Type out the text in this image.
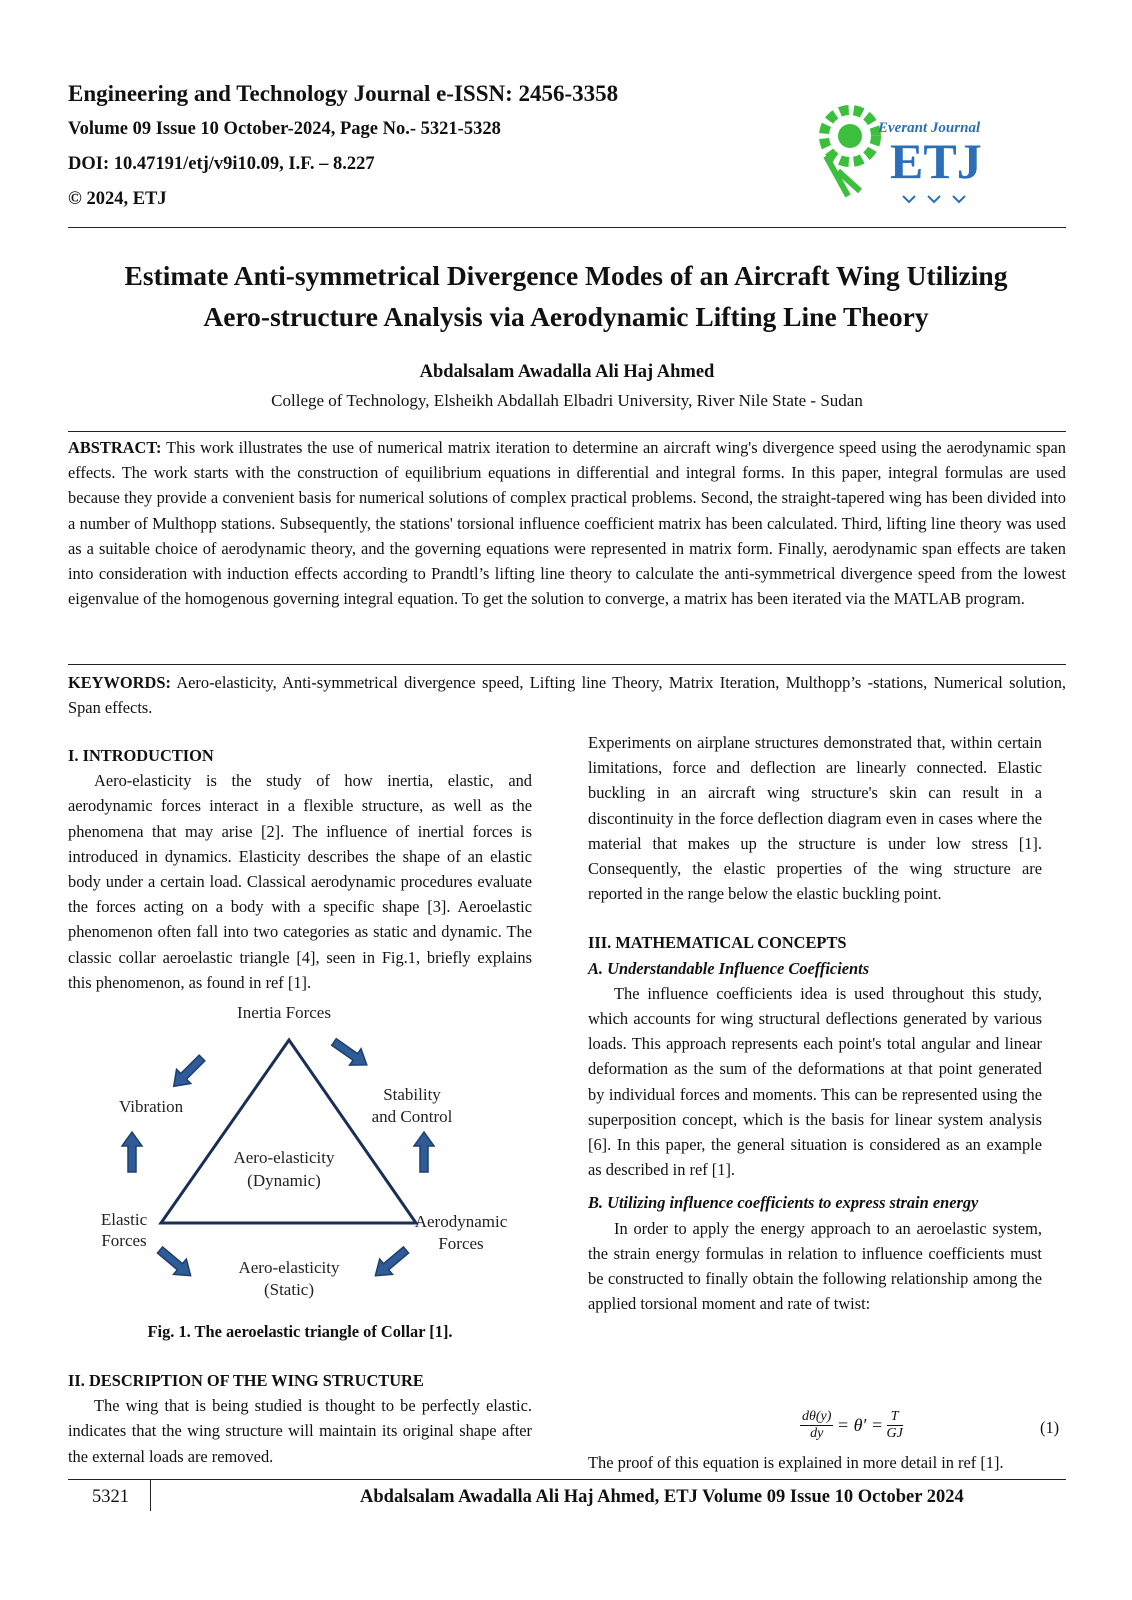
Engineering and Technology Journal e-ISSN: 2456-3358
Volume 09 Issue 10 October-2024, Page No.- 5321-5328
DOI: 10.47191/etj/v9i10.09, I.F. – 8.227
© 2024, ETJ
Everant Journal
ETJ
Estimate Anti-symmetrical Divergence Modes of an Aircraft Wing Utilizing
Aero-structure Analysis via Aerodynamic Lifting Line Theory
Abdalsalam Awadalla Ali Haj Ahmed
College of Technology, Elsheikh Abdallah Elbadri University, River Nile State - Sudan

ABSTRACT: This work illustrates the use of numerical matrix iteration to determine an aircraft wing's divergence speed using the aerodynamic span effects. The work starts with the construction of equilibrium equations in differential and integral forms. In this paper, integral formulas are used because they provide a convenient basis for numerical solutions of complex practical problems. Second, the straight-tapered wing has been divided into a number of Multhopp stations. Subsequently, the stations' torsional influence coefficient matrix has been calculated. Third, lifting line theory was used as a suitable choice of aerodynamic theory, and the governing equations were represented in matrix form. Finally, aerodynamic span effects are taken into consideration with induction effects according to Prandtl’s lifting line theory to calculate the anti-symmetrical divergence speed from the lowest eigenvalue of the homogenous governing integral equation. To get the solution to converge, a matrix has been iterated via the MATLAB program.

KEYWORDS: Aero-elasticity, Anti-symmetrical divergence speed, Lifting line Theory, Matrix Iteration, Multhopp’s -stations, Numerical solution, Span effects.

I. INTRODUCTION

Aero-elasticity is the study of how inertia, elastic, and aerodynamic forces interact in a flexible structure, as well as the phenomena that may arise [2]. The influence of inertial forces is introduced in dynamics. Elasticity describes the shape of an elastic body under a certain load. Classical aerodynamic procedures evaluate the forces acting on a body with a specific shape [3]. Aeroelastic phenomenon often fall into two categories as static and dynamic. The classic collar aeroelastic triangle [4], seen in Fig.1, briefly explains this phenomenon, as found in ref [1].

Inertia Forces
Vibration
Stability
and Control
Aero-elasticity
(Dynamic)
Elastic
Forces
Aerodynamic
Forces
Aero-elasticity
(Static)
Fig. 1. The aeroelastic triangle of Collar [1].

II. DESCRIPTION OF THE WING STRUCTURE

The wing that is being studied is thought to be perfectly elastic. indicates that the wing structure will maintain its original shape after the external loads are removed.

Experiments on airplane structures demonstrated that, within certain limitations, force and deflection are linearly connected. Elastic buckling in an aircraft wing structure's skin can result in a discontinuity in the force deflection diagram even in cases where the material that makes up the structure is under low stress [1]. Consequently, the elastic properties of the wing structure are reported in the range below the elastic buckling point.

III. MATHEMATICAL CONCEPTS

A. Understandable Influence Coefficients

The influence coefficients idea is used throughout this study, which accounts for wing structural deflections generated by various loads. This approach represents each point's total angular and linear deformation as the sum of the deformations at that point generated by individual forces and moments. This can be represented using the superposition concept, which is the basis for linear system analysis [6]. In this paper, the general situation is considered as an example as described in ref [1].

B. Utilizing influence coefficients to express strain energy

In order to apply the energy approach to an aeroelastic system, the strain energy formulas in relation to influence coefficients must be constructed to finally obtain the following relationship among the applied torsional moment and rate of twist:

$\frac{d\theta(y)}{dy} = \theta' = \frac{T}{GJ}$	(1)

The proof of this equation is explained in more detail in ref [1].

5321	Abdalsalam Awadalla Ali Haj Ahmed, ETJ Volume 09 Issue 10 October 2024
